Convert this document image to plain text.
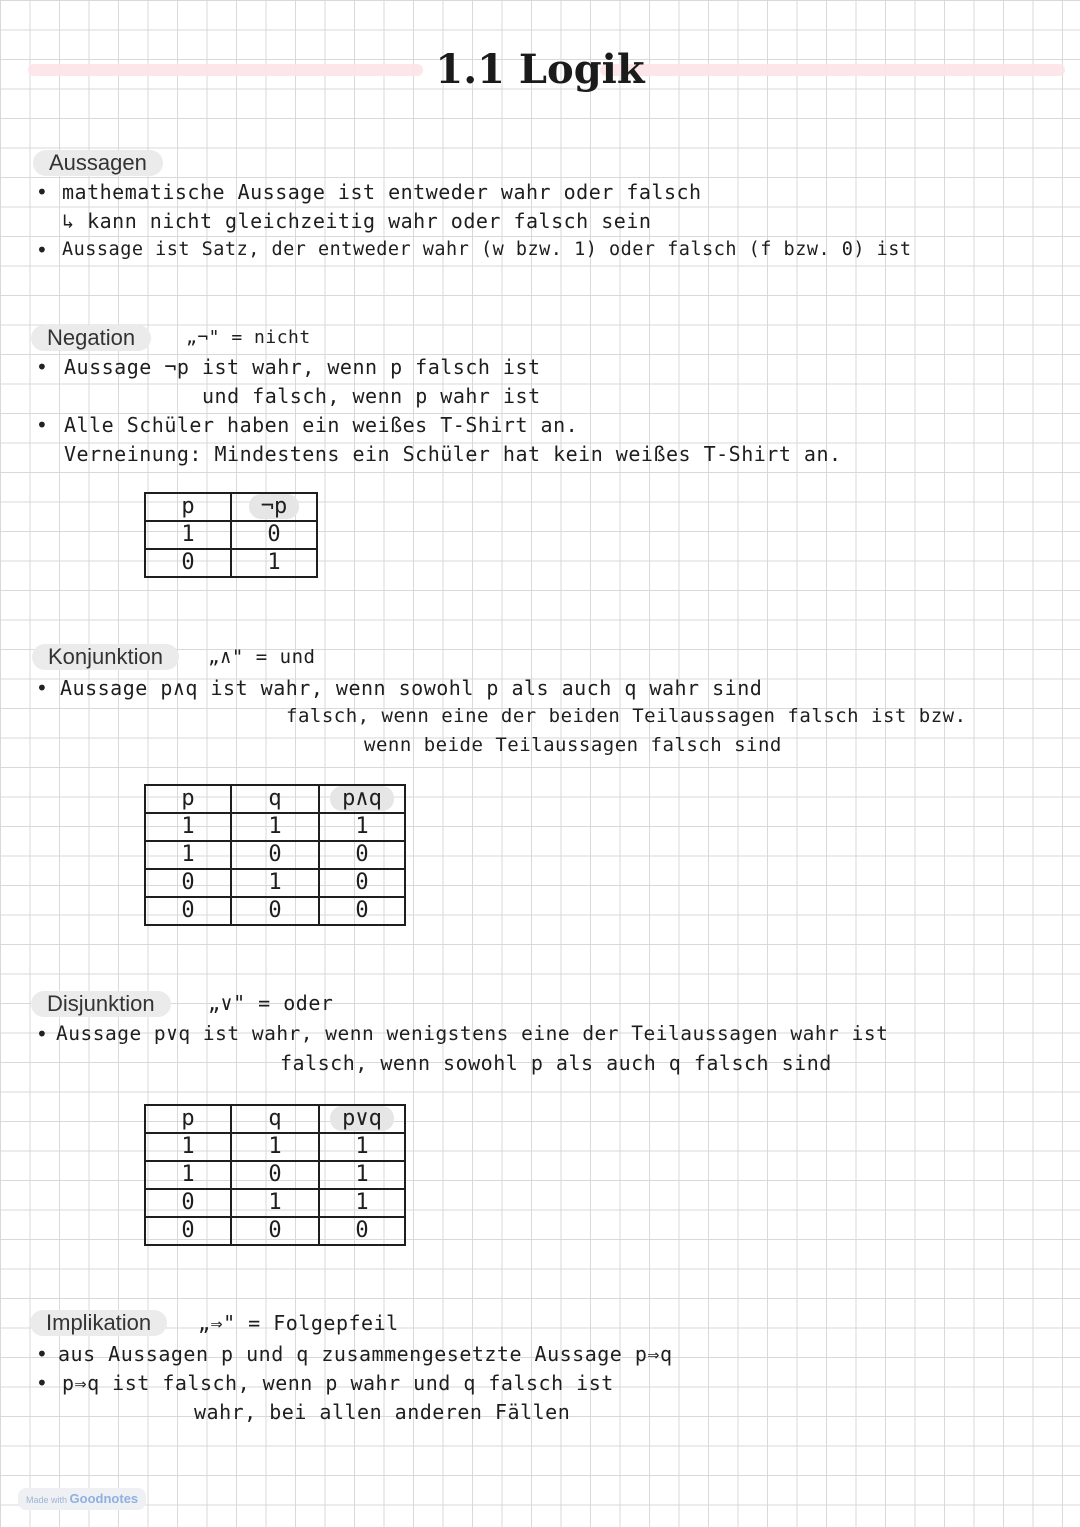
1.1 Logik
Aussagen
• mathematische Aussage ist entweder wahr oder falsch
↳ kann nicht gleichzeitig wahr oder falsch sein
• Aussage ist Satz, der entweder wahr (w bzw. 1) oder falsch (f bzw. 0) ist
Negation	„¬" = nicht
• Aussage ¬p ist wahr, wenn p falsch ist
und falsch, wenn p wahr ist
• Alle Schüler haben ein weißes T-Shirt an.
Verneinung: Mindestens ein Schüler hat kein weißes T-Shirt an.
p	¬p
1	0
0	1
Konjunktion	„∧" = und
• Aussage p∧q ist wahr, wenn sowohl p als auch q wahr sind
falsch, wenn eine der beiden Teilaussagen falsch ist bzw.
wenn beide Teilaussagen falsch sind
p	q	p∧q
1	1	1
1	0	0
0	1	0
0	0	0
Disjunktion	„∨" = oder
• Aussage p∨q ist wahr, wenn wenigstens eine der Teilaussagen wahr ist
falsch, wenn sowohl p als auch q falsch sind
p	q	p∨q
1	1	1
1	0	1
0	1	1
0	0	0
Implikation	„⇒" = Folgepfeil
• aus Aussagen p und q zusammengesetzte Aussage p⇒q
• p⇒q ist falsch, wenn p wahr und q falsch ist
wahr, bei allen anderen Fällen
Made with Goodnotes
